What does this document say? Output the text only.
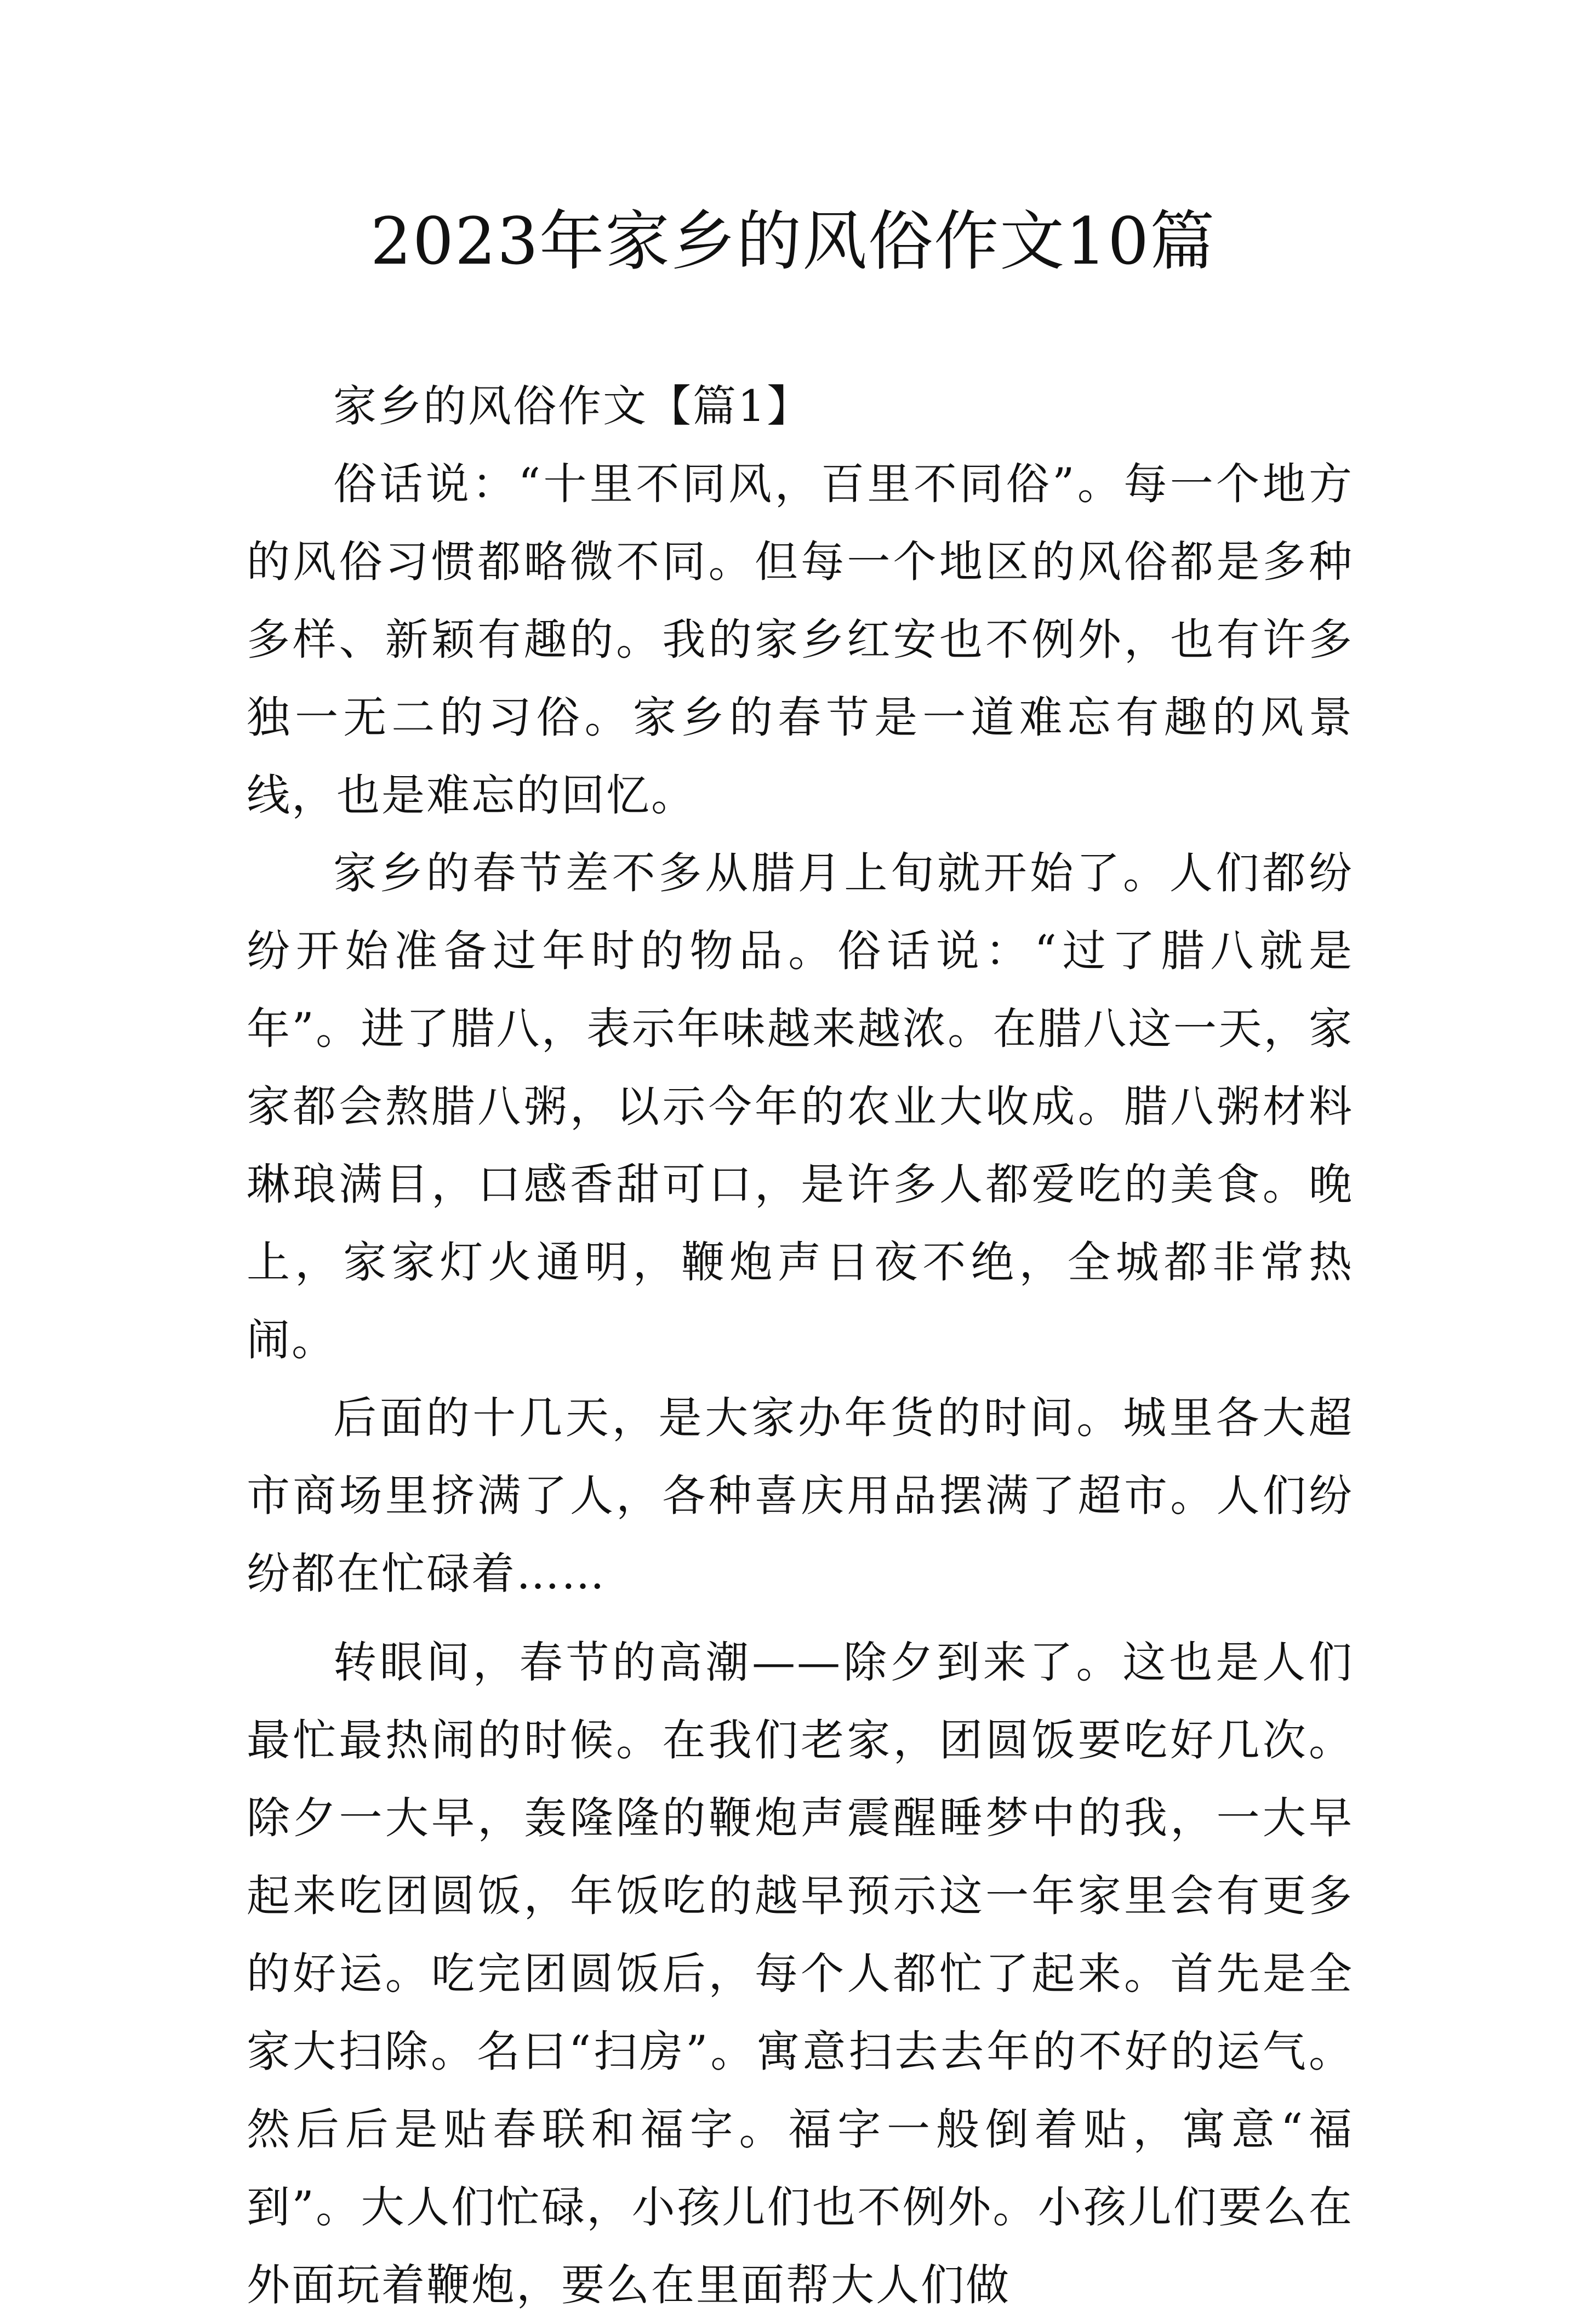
2023年家乡的风俗作文10篇

家乡的风俗作文【篇1】

俗话说：“十里不同风，百里不同俗”。每一个地方的风俗习惯都略微不同。但每一个地区的风俗都是多种多样、新颖有趣的。我的家乡红安也不例外，也有许多独一无二的习俗。家乡的春节是一道难忘有趣的风景线，也是难忘的回忆。

家乡的春节差不多从腊月上旬就开始了。人们都纷纷开始准备过年时的物品。俗话说：“过了腊八就是年”。进了腊八，表示年味越来越浓。在腊八这一天，家家都会熬腊八粥，以示今年的农业大收成。腊八粥材料琳琅满目，口感香甜可口，是许多人都爱吃的美食。晚上，家家灯火通明，鞭炮声日夜不绝，全城都非常热闹。

后面的十几天，是大家办年货的时间。城里各大超市商场里挤满了人，各种喜庆用品摆满了超市。人们纷纷都在忙碌着……

转眼间，春节的高潮——除夕到来了。这也是人们最忙最热闹的时候。在我们老家，团圆饭要吃好几次。除夕一大早，轰隆隆的鞭炮声震醒睡梦中的我，一大早起来吃团圆饭，年饭吃的越早预示这一年家里会有更多的好运。吃完团圆饭后，每个人都忙了起来。首先是全家大扫除。名曰“扫房”。寓意扫去去年的不好的运气。然后后是贴春联和福字。福字一般倒着贴，寓意“福到”。大人们忙碌，小孩儿们也不例外。小孩儿们要么在外面玩着鞭炮，要么在里面帮大人们做
